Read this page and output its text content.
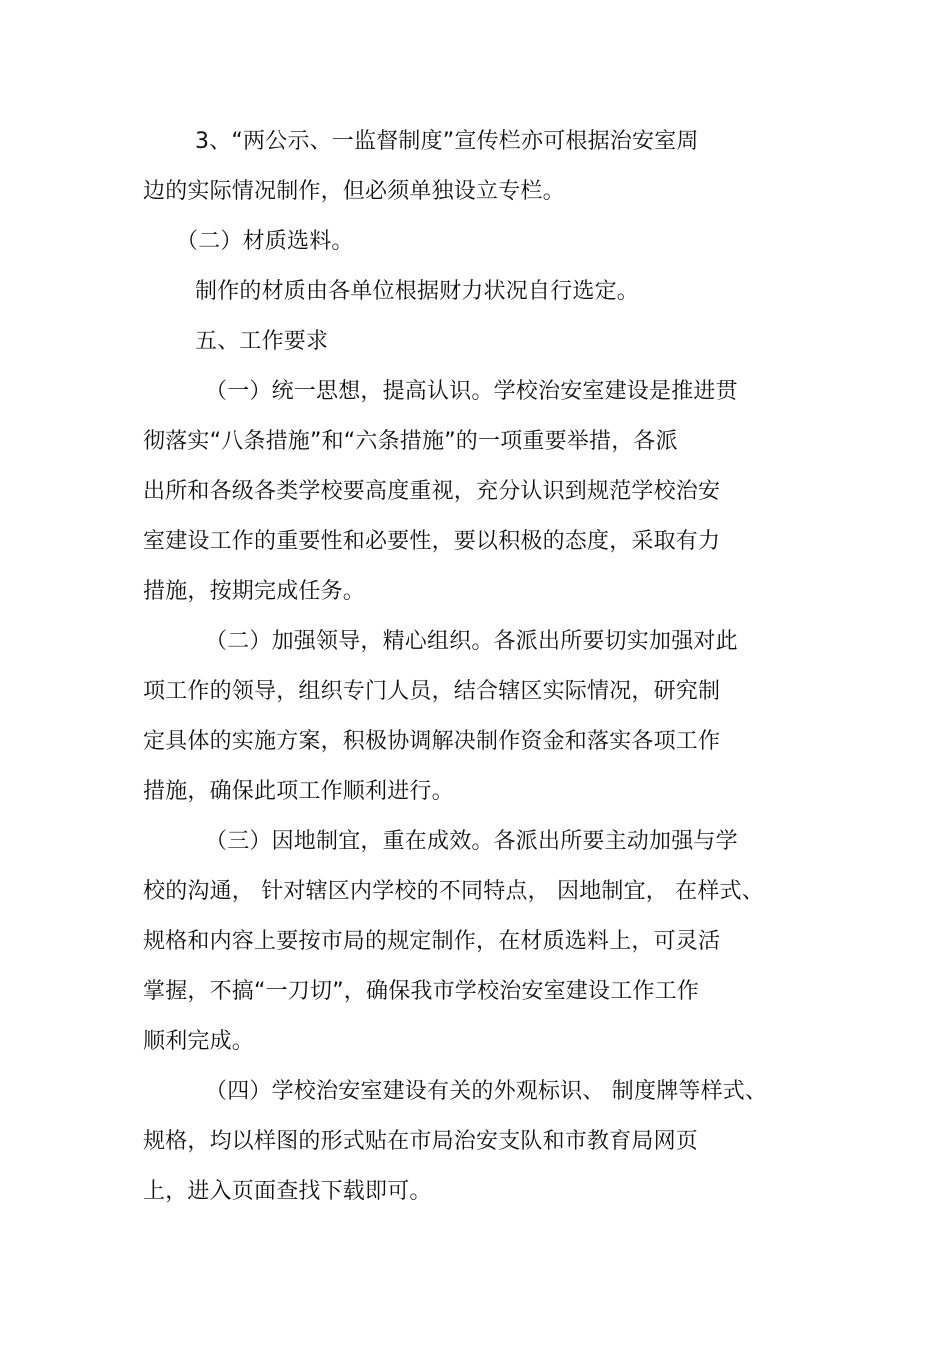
3、“两公示、一监督制度”宣传栏亦可根据治安室周
边的实际情况制作，但必须单独设立专栏。
（二）材质选料。
制作的材质由各单位根据财力状况自行选定。
五、工作要求
（一）统一思想，提高认识。学校治安室建设是推进贯
彻落实“八条措施”和“六条措施”的一项重要举措，各派
出所和各级各类学校要高度重视，充分认识到规范学校治安
室建设工作的重要性和必要性，要以积极的态度，采取有力
措施，按期完成任务。
（二）加强领导，精心组织。各派出所要切实加强对此
项工作的领导，组织专门人员，结合辖区实际情况，研究制
定具体的实施方案，积极协调解决制作资金和落实各项工作
措施，确保此项工作顺利进行。
（三）因地制宜，重在成效。各派出所要主动加强与学
校的沟通， 针对辖区内学校的不同特点， 因地制宜， 在样式、
规格和内容上要按市局的规定制作，在材质选料上，可灵活
掌握，不搞“一刀切”，确保我市学校治安室建设工作工作
顺利完成。
（四）学校治安室建设有关的外观标识、 制度牌等样式、
规格，均以样图的形式贴在市局治安支队和市教育局网页
上，进入页面查找下载即可。
